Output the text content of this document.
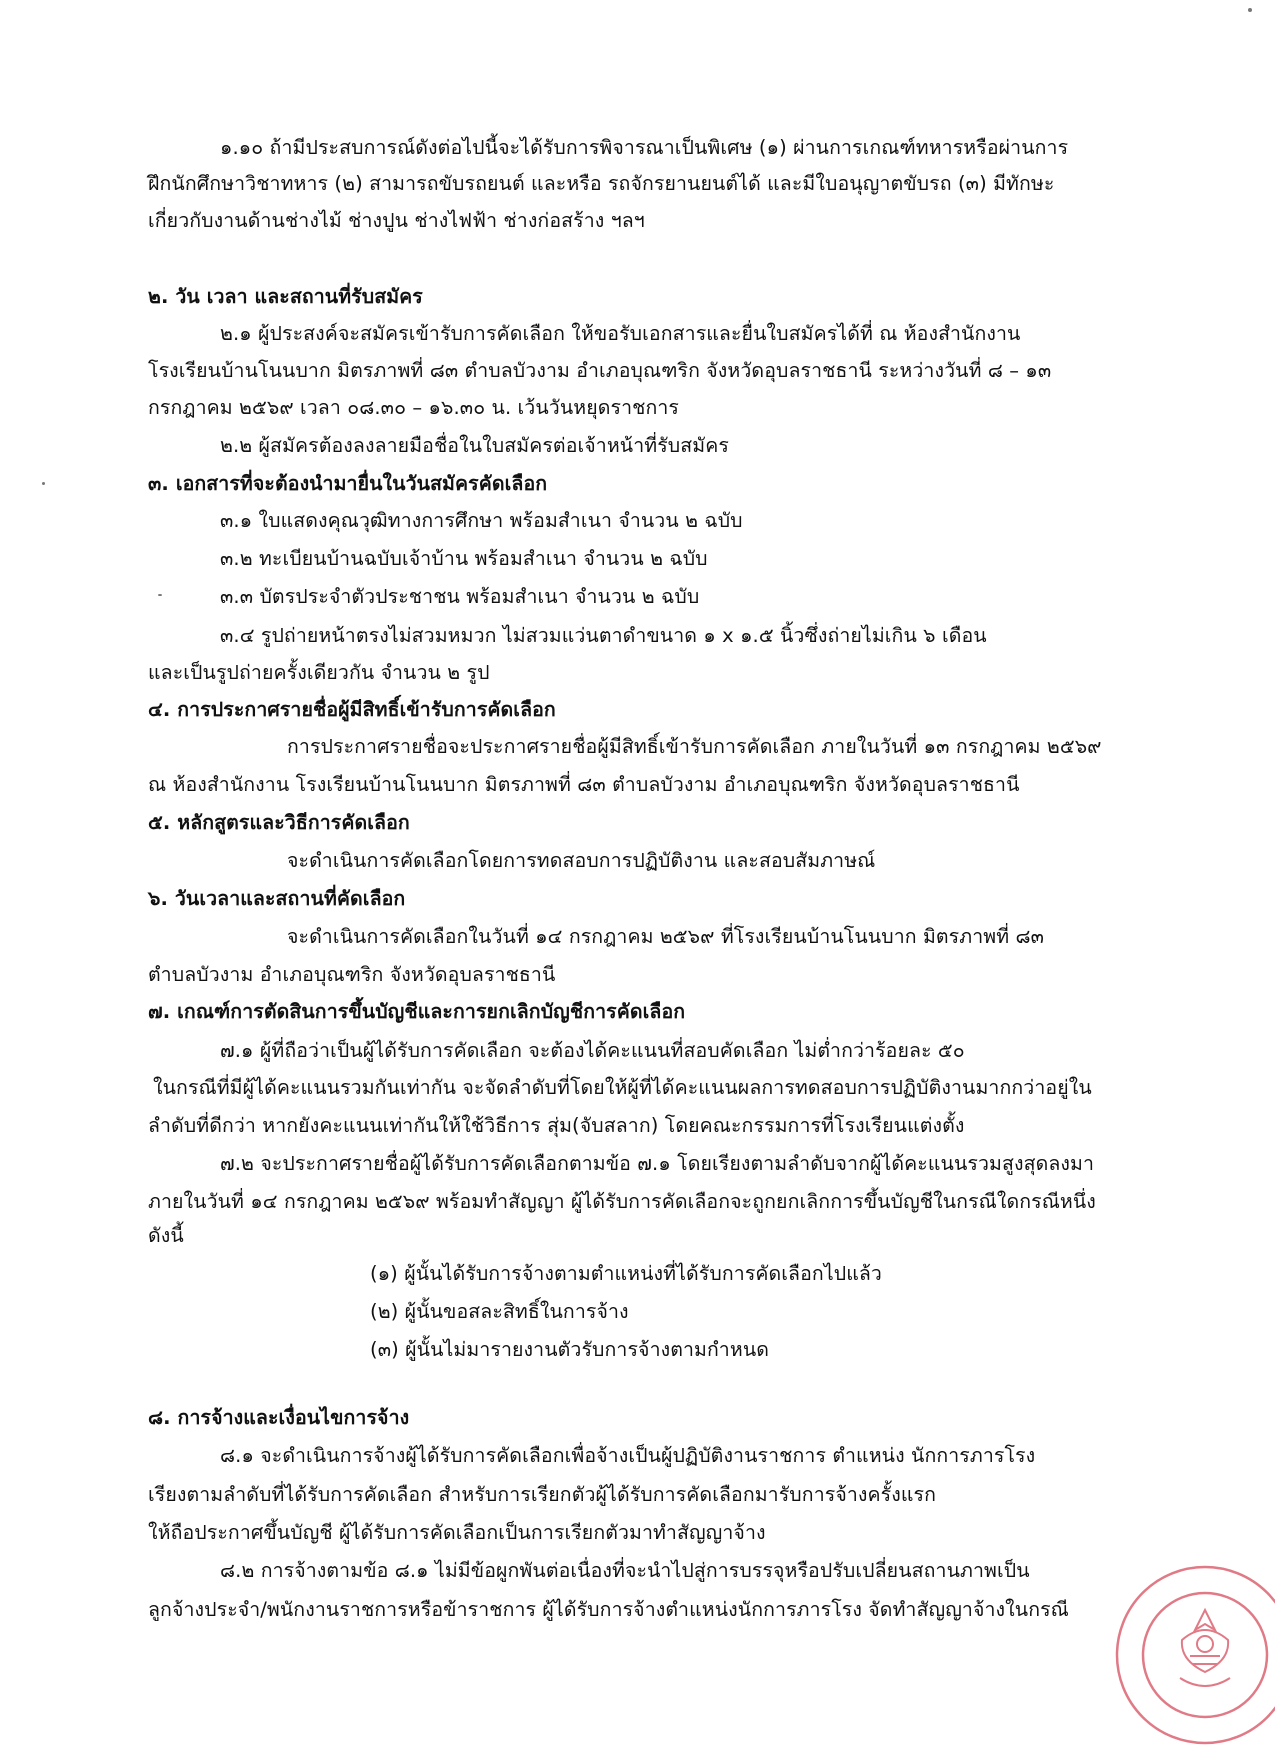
๑.๑๐ ถ้ามีประสบการณ์ดังต่อไปนี้จะได้รับการพิจารณาเป็นพิเศษ (๑) ผ่านการเกณฑ์ทหารหรือผ่านการ
ฝึกนักศึกษาวิชาทหาร (๒) สามารถขับรถยนต์ และหรือ รถจักรยานยนต์ได้ และมีใบอนุญาตขับรถ (๓) มีทักษะ
เกี่ยวกับงานด้านช่างไม้ ช่างปูน ช่างไฟฟ้า ช่างก่อสร้าง ฯลฯ
๒. วัน เวลา และสถานที่รับสมัคร
๒.๑ ผู้ประสงค์จะสมัครเข้ารับการคัดเลือก ให้ขอรับเอกสารและยื่นใบสมัครได้ที่ ณ ห้องสำนักงาน
โรงเรียนบ้านโนนบาก มิตรภาพที่ ๘๓ ตำบลบัวงาม อำเภอบุณฑริก จังหวัดอุบลราชธานี ระหว่างวันที่ ๘ – ๑๓
กรกฎาคม ๒๕๖๙ เวลา ๐๘.๓๐ – ๑๖.๓๐ น. เว้นวันหยุดราชการ
๒.๒ ผู้สมัครต้องลงลายมือชื่อในใบสมัครต่อเจ้าหน้าที่รับสมัคร
๓. เอกสารที่จะต้องนำมายื่นในวันสมัครคัดเลือก
๓.๑ ใบแสดงคุณวุฒิทางการศึกษา พร้อมสำเนา จำนวน ๒ ฉบับ
๓.๒ ทะเบียนบ้านฉบับเจ้าบ้าน พร้อมสำเนา จำนวน ๒ ฉบับ
๓.๓ บัตรประจำตัวประชาชน พร้อมสำเนา จำนวน ๒ ฉบับ
๓.๔ รูปถ่ายหน้าตรงไม่สวมหมวก ไม่สวมแว่นตาดำขนาด ๑ x ๑.๕ นิ้วซึ่งถ่ายไม่เกิน ๖ เดือน
และเป็นรูปถ่ายครั้งเดียวกัน จำนวน ๒ รูป
๔. การประกาศรายชื่อผู้มีสิทธิ์เข้ารับการคัดเลือก
การประกาศรายชื่อจะประกาศรายชื่อผู้มีสิทธิ์เข้ารับการคัดเลือก ภายในวันที่ ๑๓ กรกฎาคม ๒๕๖๙
ณ ห้องสำนักงาน โรงเรียนบ้านโนนบาก มิตรภาพที่ ๘๓ ตำบลบัวงาม อำเภอบุณฑริก จังหวัดอุบลราชธานี
๕. หลักสูตรและวิธีการคัดเลือก
จะดำเนินการคัดเลือกโดยการทดสอบการปฏิบัติงาน และสอบสัมภาษณ์
๖. วันเวลาและสถานที่คัดเลือก
จะดำเนินการคัดเลือกในวันที่ ๑๔ กรกฎาคม ๒๕๖๙ ที่โรงเรียนบ้านโนนบาก มิตรภาพที่ ๘๓
ตำบลบัวงาม อำเภอบุณฑริก จังหวัดอุบลราชธานี
๗. เกณฑ์การตัดสินการขึ้นบัญชีและการยกเลิกบัญชีการคัดเลือก
๗.๑ ผู้ที่ถือว่าเป็นผู้ได้รับการคัดเลือก จะต้องได้คะแนนที่สอบคัดเลือก ไม่ต่ำกว่าร้อยละ ๕๐
ในกรณีที่มีผู้ได้คะแนนรวมกันเท่ากัน จะจัดลำดับที่โดยให้ผู้ที่ได้คะแนนผลการทดสอบการปฏิบัติงานมากกว่าอยู่ใน
ลำดับที่ดีกว่า หากยังคะแนนเท่ากันให้ใช้วิธีการ สุ่ม(จับสลาก) โดยคณะกรรมการที่โรงเรียนแต่งตั้ง
๗.๒ จะประกาศรายชื่อผู้ได้รับการคัดเลือกตามข้อ ๗.๑ โดยเรียงตามลำดับจากผู้ได้คะแนนรวมสูงสุดลงมา
ภายในวันที่ ๑๔ กรกฎาคม ๒๕๖๙ พร้อมทำสัญญา ผู้ได้รับการคัดเลือกจะถูกยกเลิกการขึ้นบัญชีในกรณีใดกรณีหนึ่ง
ดังนี้
(๑) ผู้นั้นได้รับการจ้างตามตำแหน่งที่ได้รับการคัดเลือกไปแล้ว
(๒) ผู้นั้นขอสละสิทธิ์ในการจ้าง
(๓) ผู้นั้นไม่มารายงานตัวรับการจ้างตามกำหนด
๘. การจ้างและเงื่อนไขการจ้าง
๘.๑ จะดำเนินการจ้างผู้ได้รับการคัดเลือกเพื่อจ้างเป็นผู้ปฏิบัติงานราชการ ตำแหน่ง นักการภารโรง
เรียงตามลำดับที่ได้รับการคัดเลือก สำหรับการเรียกตัวผู้ได้รับการคัดเลือกมารับการจ้างครั้งแรก
ให้ถือประกาศขึ้นบัญชี ผู้ได้รับการคัดเลือกเป็นการเรียกตัวมาทำสัญญาจ้าง
๘.๒ การจ้างตามข้อ ๘.๑ ไม่มีข้อผูกพันต่อเนื่องที่จะนำไปสู่การบรรจุหรือปรับเปลี่ยนสถานภาพเป็น
ลูกจ้างประจำ/พนักงานราชการหรือข้าราชการ ผู้ได้รับการจ้างตำแหน่งนักการภารโรง จัดทำสัญญาจ้างในกรณี
